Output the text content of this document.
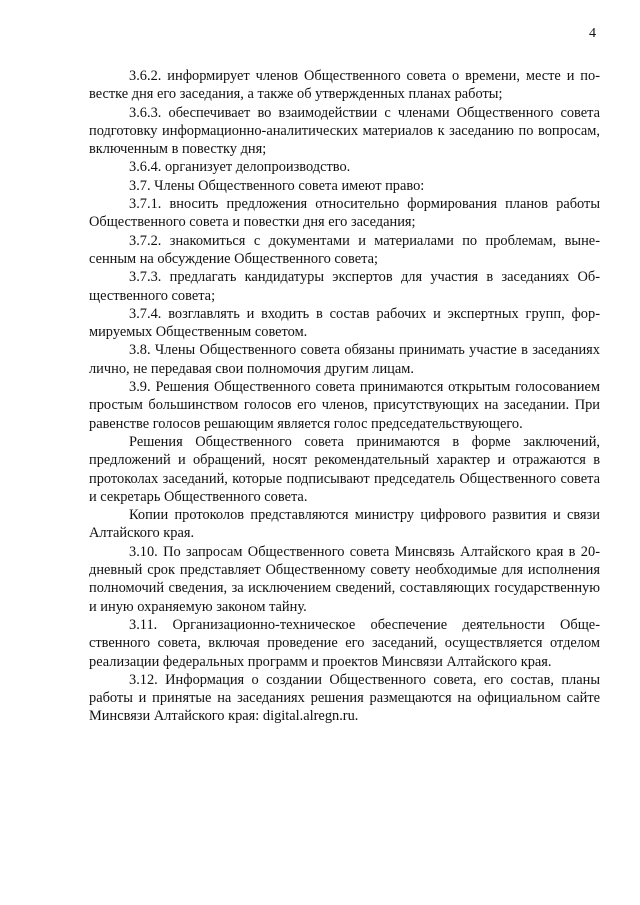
4

3.6.2. информирует членов Общественного совета о времени, месте и повестке дня его заседания, а также об утвержденных планах работы;

3.6.3. обеспечивает во взаимодействии с членами Общественного совета подготовку информационно-аналитических материалов к заседанию по вопросам, включенным в повестку дня;

3.6.4. организует делопроизводство.

3.7. Члены Общественного совета имеют право:

3.7.1. вносить предложения относительно формирования планов работы Общественного совета и повестки дня его заседания;

3.7.2. знакомиться с документами и материалами по проблемам, вынесенным на обсуждение Общественного совета;

3.7.3. предлагать кандидатуры экспертов для участия в заседаниях Общественного совета;

3.7.4. возглавлять и входить в состав рабочих и экспертных групп, формируемых Общественным советом.

3.8. Члены Общественного совета обязаны принимать участие в заседаниях лично, не передавая свои полномочия другим лицам.

3.9. Решения Общественного совета принимаются открытым голосованием простым большинством голосов его членов, присутствующих на заседании. При равенстве голосов решающим является голос председательствующего.

Решения Общественного совета принимаются в форме заключений, предложений и обращений, носят рекомендательный характер и отражаются в протоколах заседаний, которые подписывают председатель Общественного совета и секретарь Общественного совета.

Копии протоколов представляются министру цифрового развития и связи Алтайского края.

3.10. По запросам Общественного совета Минсвязь Алтайского края в 20-дневный срок представляет Общественному совету необходимые для исполнения полномочий сведения, за исключением сведений, составляющих государственную и иную охраняемую законом тайну.

3.11. Организационно-техническое обеспечение деятельности Общественного совета, включая проведение его заседаний, осуществляется отделом реализации федеральных программ и проектов Минсвязи Алтайского края.

3.12. Информация о создании Общественного совета, его состав, планы работы и принятые на заседаниях решения размещаются на официальном сайте Минсвязи Алтайского края: digital.alregn.ru.
